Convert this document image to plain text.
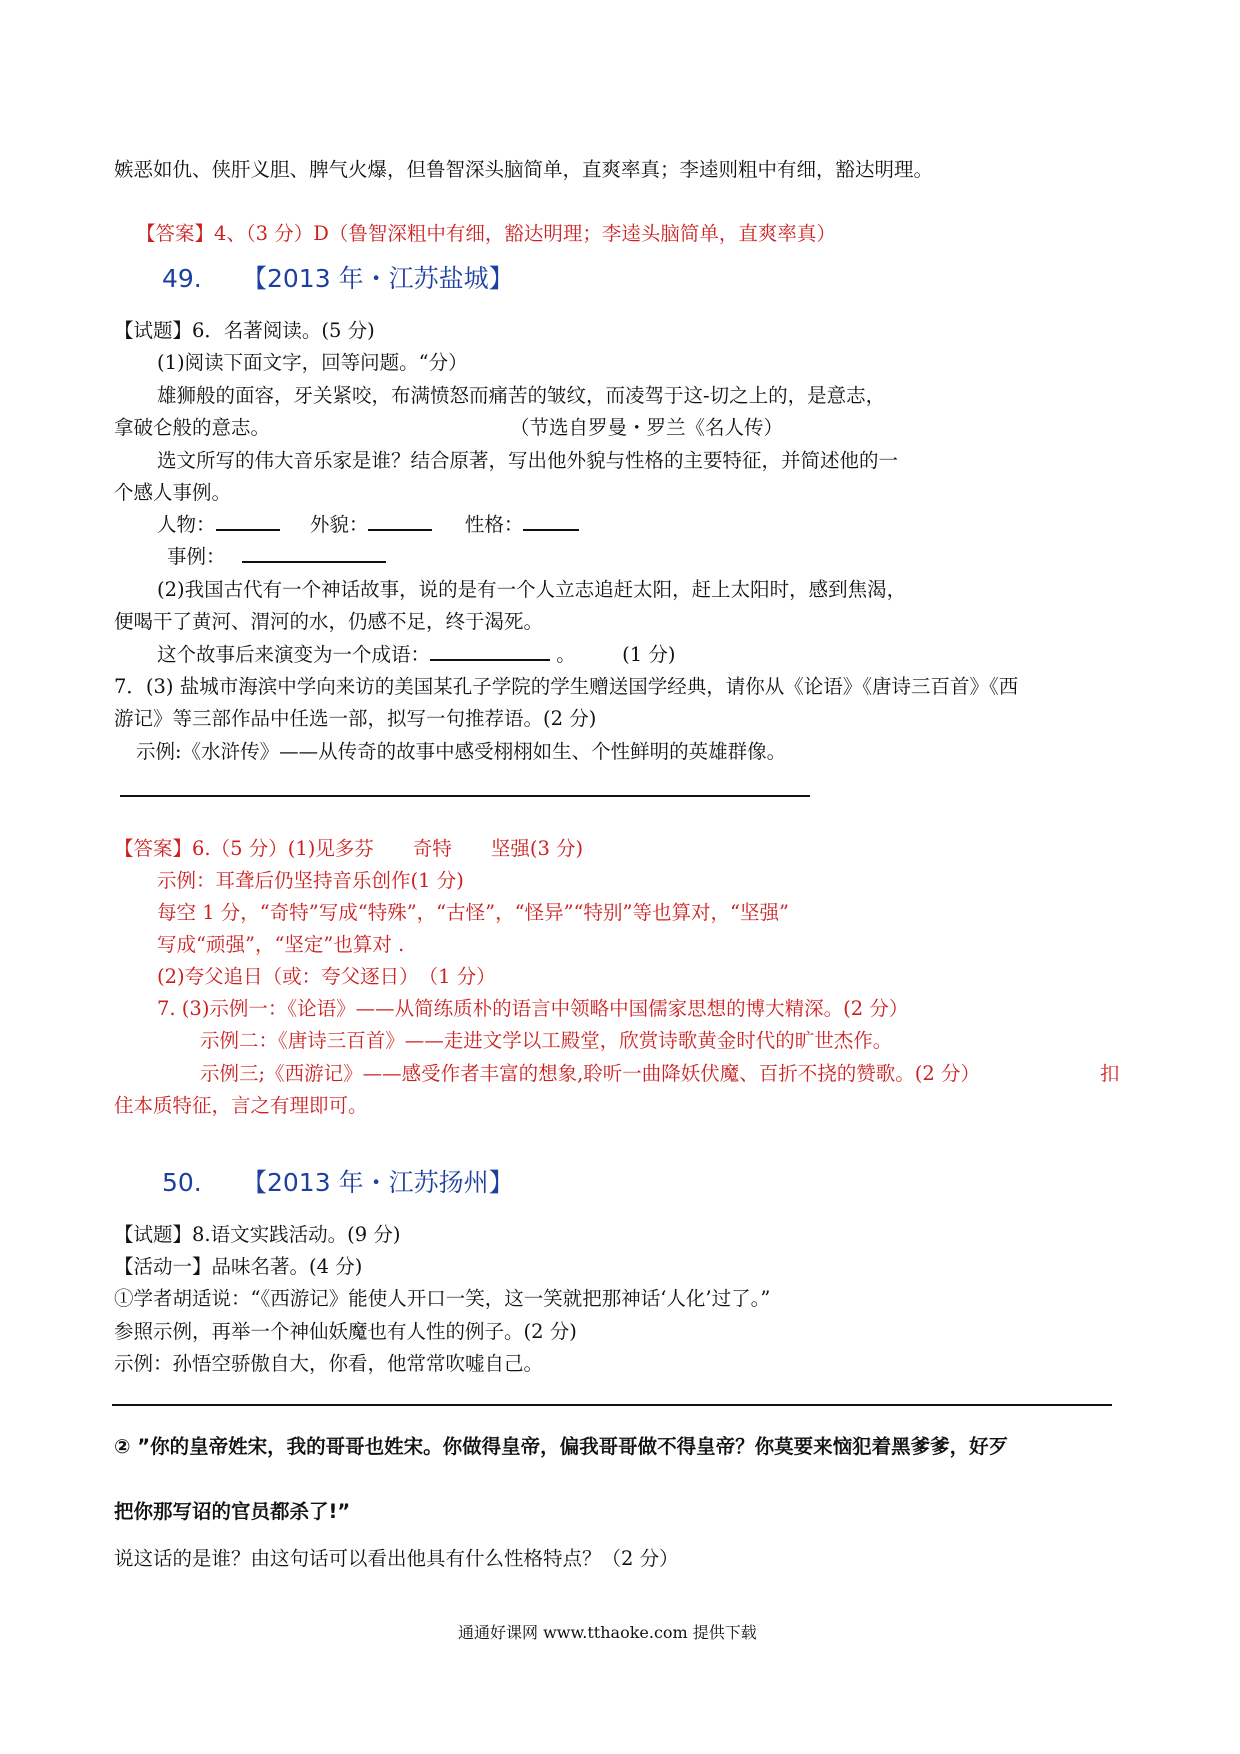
嫉恶如仇、侠肝义胆、脾气火爆，但鲁智深头脑简单，直爽率真；李逵则粗中有细，豁达明理。
【答案】4、（3 分）D（鲁智深粗中有细，豁达明理；李逵头脑简单，直爽率真）
49. 【2013 年・江苏盐城】
【试题】6．名著阅读。(5 分)
(1)阅读下面文字，回等问题。“分）
雄狮般的面容，牙关紧咬，布满愤怒而痛苦的皱纹，而凌驾于这-切之上的，是意志，
拿破仑般的意志。	（节选自罗曼・罗兰《名人传）
选文所写的伟大音乐家是谁？结合原著，写出他外貌与性格的主要特征，并简述他的一
个感人事例。
人物：	外貌：	性格：
事例：
(2)我国古代有一个神话故事，说的是有一个人立志追赶太阳，赶上太阳时，感到焦渴，
便喝干了黄河、渭河的水，仍感不足，终于渴死。
这个故事后来演变为一个成语：	。 (1 分)
7．(3) 盐城市海滨中学向来访的美国某孔子学院的学生赠送国学经典，请你从《论语》《唐诗三百首》《西
游记》等三部作品中任选一部，拟写一句推荐语。(2 分)
示例:《水浒传》——从传奇的故事中感受栩栩如生、个性鲜明的英雄群像。
【答案】6.（5 分）(1)见多芬　　奇特　　坚强(3 分)
示例：耳聋后仍坚持音乐创作(1 分)
每空 1 分，“奇特”写成“特殊”，“古怪”，“怪异”“特别”等也算对，“坚强”
写成“顽强”，“坚定”也算对 .
(2)夸父追日（或：夸父逐日）　（1 分）
7. (3)示例一：《论语》——从简练质朴的语言中领略中国儒家思想的博大精深。(2 分）
示例二：《唐诗三百首》——走进文学以工殿堂，欣赏诗歌黄金时代的旷世杰作。
示例三;《西游记》——感受作者丰富的想象,聆听一曲降妖伏魔、百折不挠的赞歌。(2 分）	扣
住本质特征，言之有理即可。
50. 【2013 年・江苏扬州】
【试题】8.语文实践活动。(9 分)
【活动一】品味名著。(4 分)
①学者胡适说：“《西游记》能使人开口一笑，这一笑就把那神话‘人化’过了。”
参照示例，再举一个神仙妖魔也有人性的例子。(2 分)
示例：孙悟空骄傲自大，你看，他常常吹嘘自己。
② ”你的皇帝姓宋，我的哥哥也姓宋。你做得皇帝，偏我哥哥做不得皇帝？你莫要来恼犯着黑爹爹，好歹
把你那写诏的官员都杀了!”
说这话的是谁？由这句话可以看出他具有什么性格特点？（2 分）
通通好课网 www.tthaoke.com 提供下载
